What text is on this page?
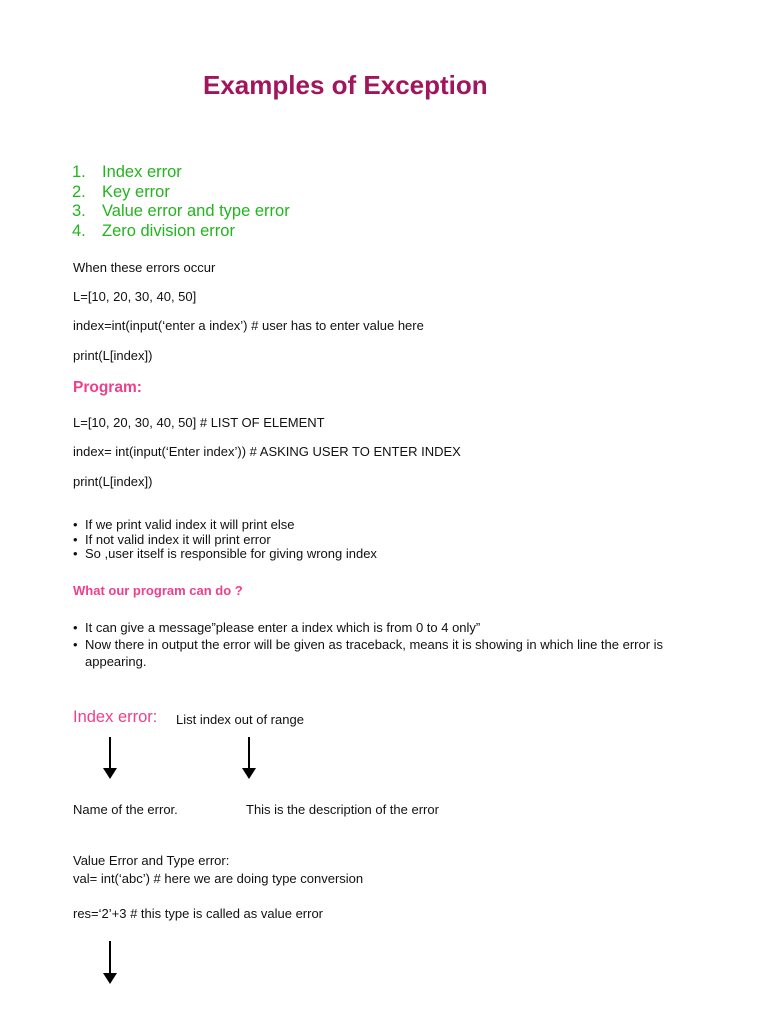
Examples of Exception
1. Index error
2. Key error
3. Value error and type error
4. Zero division error
When these errors occur
L=[10, 20, 30, 40, 50]
index=int(input(‘enter a index’) # user has to enter value here
print(L[index])
Program:
L=[10, 20, 30, 40, 50] # LIST OF ELEMENT
index= int(input(‘Enter index’)) # ASKING USER TO ENTER INDEX
print(L[index])
• If we print valid index it will print else
• If not valid index it will print error
• So ,user itself is responsible for giving wrong index
What our program can do ?
• It can give a message”please enter a index which is from 0 to 4 only”
• Now there in output the error will be given as traceback, means it is showing in which line the error is appearing.
Index error: List index out of range
Name of the error.	This is the description of the error
Value Error and Type error:
val= int(‘abc’) # here we are doing type conversion
res=‘2’+3 # this type is called as value error
